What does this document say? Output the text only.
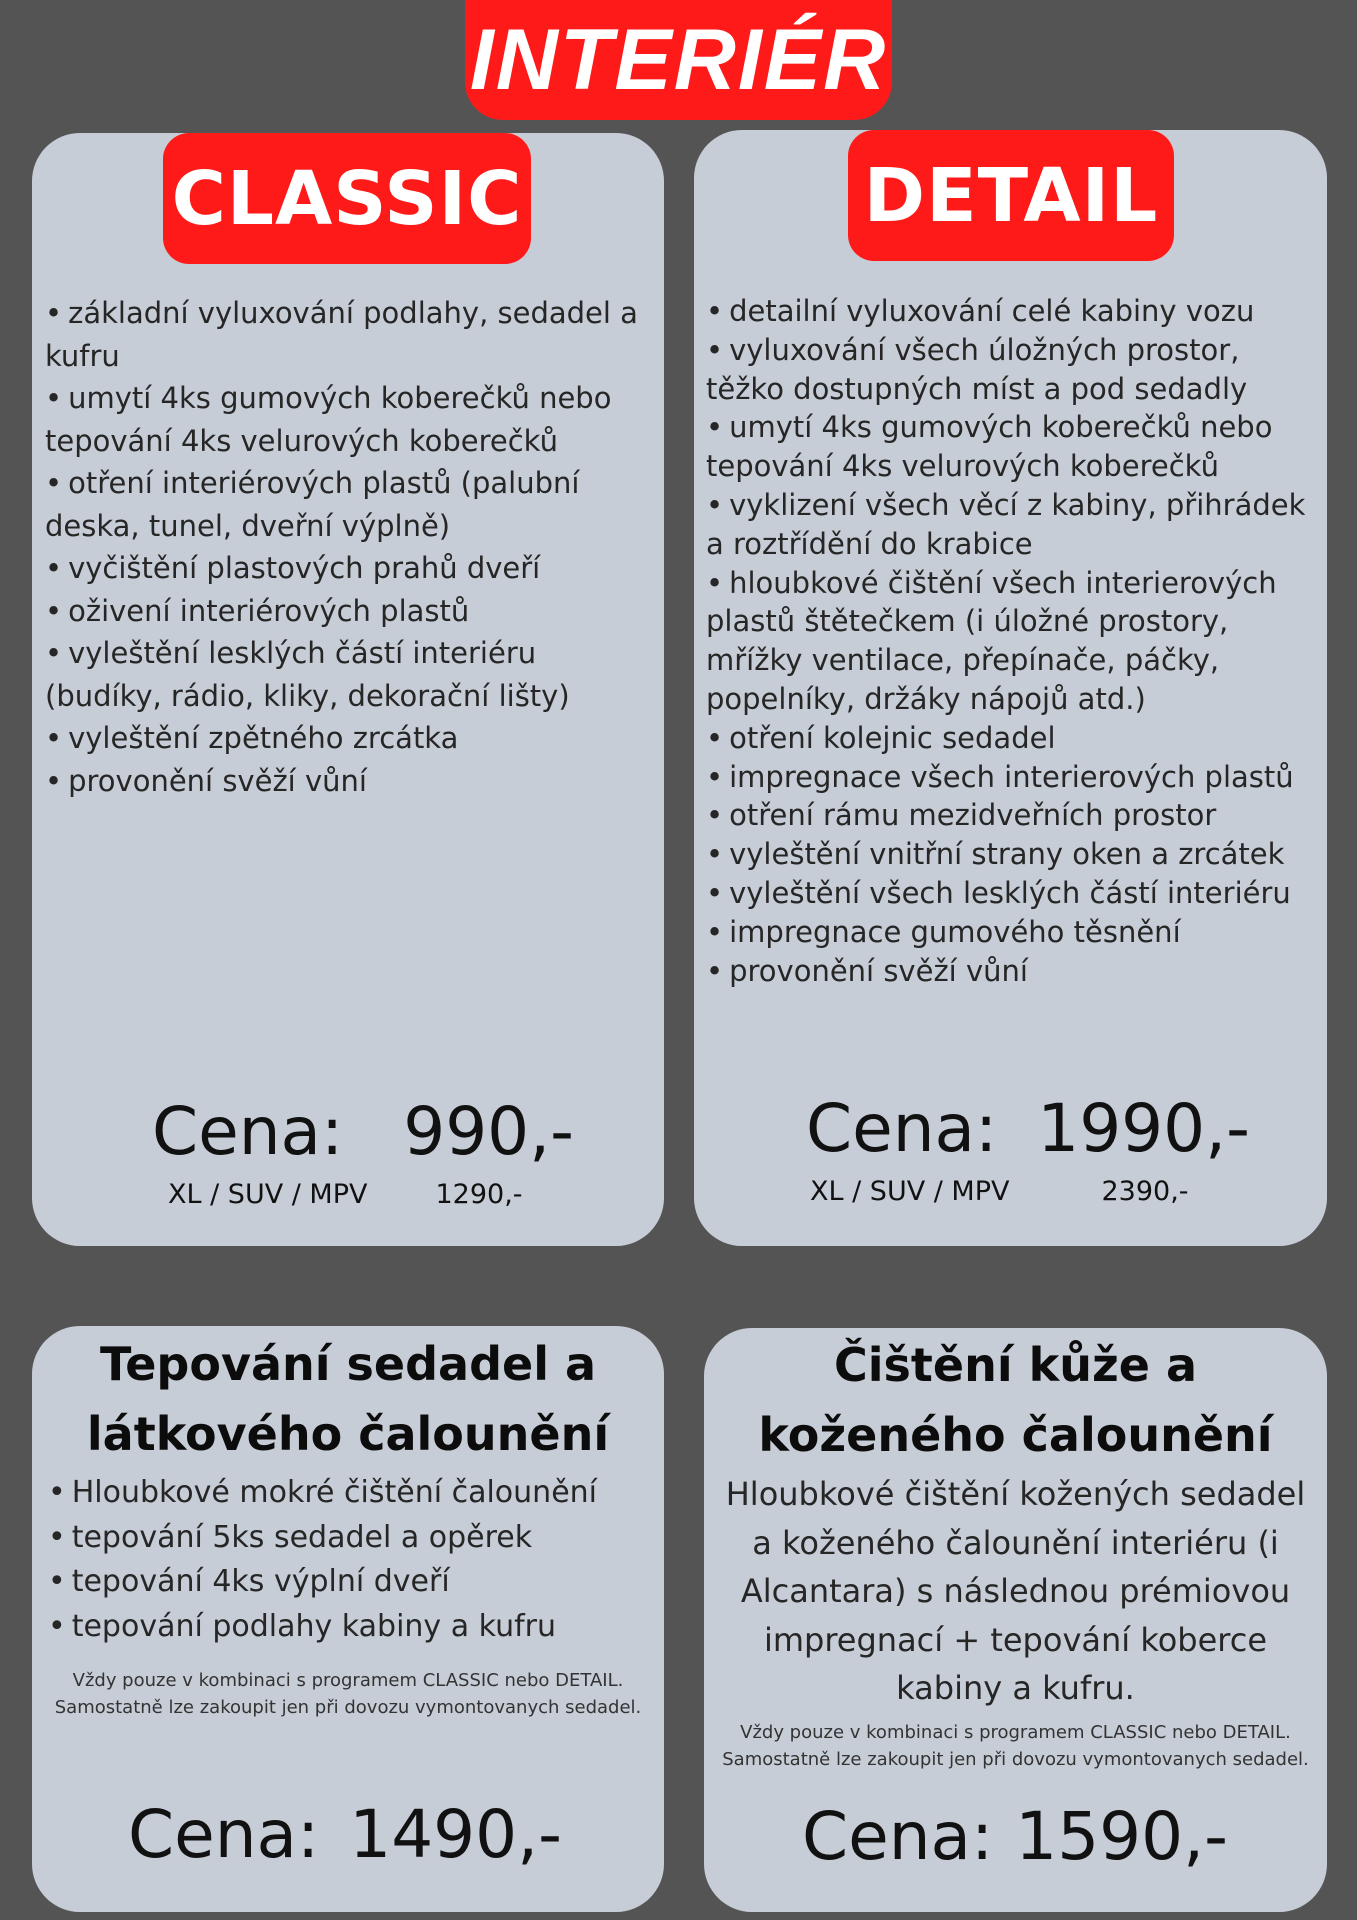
INTERIÉR
CLASSIC
• základní vyluxování podlahy, sedadel a kufru
• umytí 4ks gumových koberečků nebo tepování 4ks velurových koberečků
• otření interiérových plastů (palubní deska, tunel, dveřní výplně)
• vyčištění plastových prahů dveří
• oživení interiérových plastů
• vyleštění lesklých částí interiéru (budíky, rádio, kliky, dekorační lišty)
• vyleštění zpětného zrcátka
• provonění svěží vůní
Cena: 990,-
XL / SUV / MPV	1290,-
DETAIL
• detailní vyluxování celé kabiny vozu
• vyluxování všech úložných prostor, těžko dostupných míst a pod sedadly
• umytí 4ks gumových koberečků nebo tepování 4ks velurových koberečků
• vyklizení všech věcí z kabiny, přihrádek a roztřídění do krabice
• hloubkové čištění všech interierových plastů štětečkem (i úložné prostory, mřížky ventilace, přepínače, páčky, popelníky, držáky nápojů atd.)
• otření kolejnic sedadel
• impregnace všech interierových plastů
• otření rámu mezidveřních prostor
• vyleštění vnitřní strany oken a zrcátek
• vyleštění všech lesklých částí interiéru
• impregnace gumového těsnění
• provonění svěží vůní
Cena: 1990,-
XL / SUV / MPV	2390,-
Tepování sedadel a
látkového čalounění
• Hloubkové mokré čištění čalounění
• tepování 5ks sedadel a opěrek
• tepování 4ks výplní dveří
• tepování podlahy kabiny a kufru
Vždy pouze v kombinaci s programem CLASSIC nebo DETAIL.
Samostatně lze zakoupit jen při dovozu vymontovanych sedadel.
Cena: 1490,-
Čištění kůže a
koženého čalounění

Hloubkové čištění kožených sedadel a koženého čalounění interiéru (i Alcantara) s následnou prémiovou impregnací + tepování koberce kabiny a kufru.

Vždy pouze v kombinaci s programem CLASSIC nebo DETAIL.
Samostatně lze zakoupit jen při dovozu vymontovanych sedadel.
Cena: 1590,-
